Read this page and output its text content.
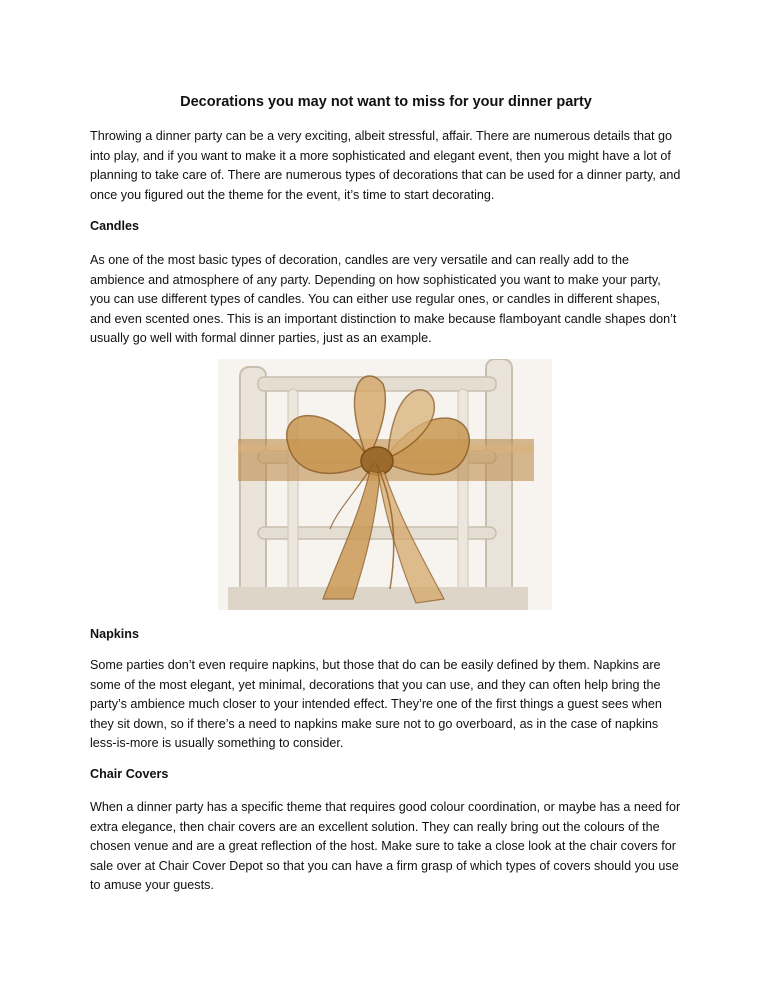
Decorations you may not want to miss for your dinner party

Throwing a dinner party can be a very exciting, albeit stressful, affair. There are numerous details that go into play, and if you want to make it a more sophisticated and elegant event, then you might have a lot of planning to take care of. There are numerous types of decorations that can be used for a dinner party, and once you figured out the theme for the event, it’s time to start decorating.

Candles

As one of the most basic types of decoration, candles are very versatile and can really add to the ambience and atmosphere of any party. Depending on how sophisticated you want to make your party, you can use different types of candles. You can either use regular ones, or candles in different shapes, and even scented ones. This is an important distinction to make because flamboyant candle shapes don’t usually go well with formal dinner parties, just as an example.

Napkins

Some parties don’t even require napkins, but those that do can be easily defined by them. Napkins are some of the most elegant, yet minimal, decorations that you can use, and they can often help bring the party’s ambience much closer to your intended effect. They’re one of the first things a guest sees when they sit down, so if there’s a need to napkins make sure not to go overboard, as in the case of napkins less-is-more is usually something to consider.

Chair Covers

When a dinner party has a specific theme that requires good colour coordination, or maybe has a need for extra elegance, then chair covers are an excellent solution. They can really bring out the colours of the chosen venue and are a great reflection of the host. Make sure to take a close look at the chair covers for sale over at Chair Cover Depot so that you can have a firm grasp of which types of covers should you use to amuse your guests.
